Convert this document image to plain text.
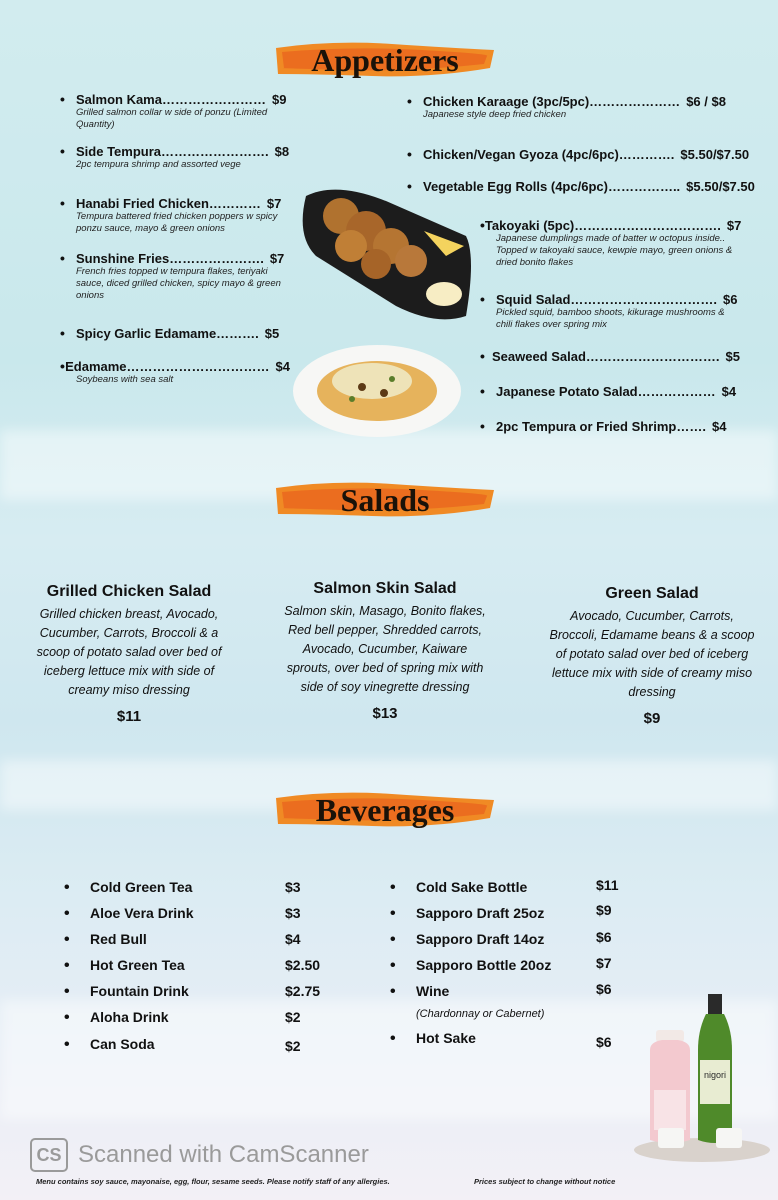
Appetizers
• Salmon Kama…………………… $9
Grilled salmon collar w side of ponzu (Limited Quantity)
• Side Tempura……………………. $8
2pc tempura shrimp and assorted vege
• Hanabi Fried Chicken………… $7
Tempura battered fried chicken poppers w spicy ponzu sauce, mayo & green onions
• Sunshine Fries…………………. $7
French fries topped w tempura flakes, teriyaki sauce, diced grilled chicken, spicy mayo & green onions
• Spicy Garlic Edamame………. $5
• Edamame…………………………… $4
Soybeans with sea salt
• Chicken Karaage (3pc/5pc)………………… $6 / $8
Japanese style deep fried chicken
• Chicken/Vegan Gyoza (4pc/6pc)…………. $5.50/$7.50
• Vegetable Egg Rolls (4pc/6pc)…………….. $5.50/$7.50
• Takoyaki (5pc)……………………………. $7
Japanese dumplings made of batter w octopus inside.. Topped w takoyaki sauce, kewpie mayo, green onions & dried bonito flakes
• Squid Salad……………………………. $6
Pickled squid, bamboo shoots, kikurage mushrooms & chili flakes over spring mix
• Seaweed Salad…………………………. $5
• Japanese Potato Salad……………… $4
• 2pc Tempura or Fried Shrimp……. $4
Salads
Grilled Chicken Salad
Grilled chicken breast, Avocado, Cucumber, Carrots, Broccoli & a scoop of potato salad over bed of iceberg lettuce mix with side of creamy miso dressing
$11
Salmon Skin Salad
Salmon skin, Masago, Bonito flakes, Red bell pepper, Shredded carrots, Avocado, Cucumber, Kaiware sprouts, over bed of spring mix with side of soy vinegrette dressing
$13
Green Salad
Avocado, Cucumber, Carrots, Broccoli, Edamame beans & a scoop of potato salad over bed of iceberg lettuce mix with side of creamy miso dressing
$9
Beverages
• Cold Green Tea	$3
• Aloe Vera Drink	$3
• Red Bull	$4
• Hot Green Tea	$2.50
• Fountain Drink	$2.75
• Aloha Drink	$2
• Can Soda	$2
• Cold Sake Bottle	$11
• Sapporo Draft 25oz	$9
• Sapporo Draft 14oz	$6
• Sapporo Bottle 20oz	$7
• Wine	$6
(Chardonnay or Cabernet)
• Hot Sake	$6
nigori
CS Scanned with CamScanner
Menu contains soy sauce, mayonaise, egg, flour, sesame seeds. Please notify staff of any allergies.	Prices subject to change without notice
